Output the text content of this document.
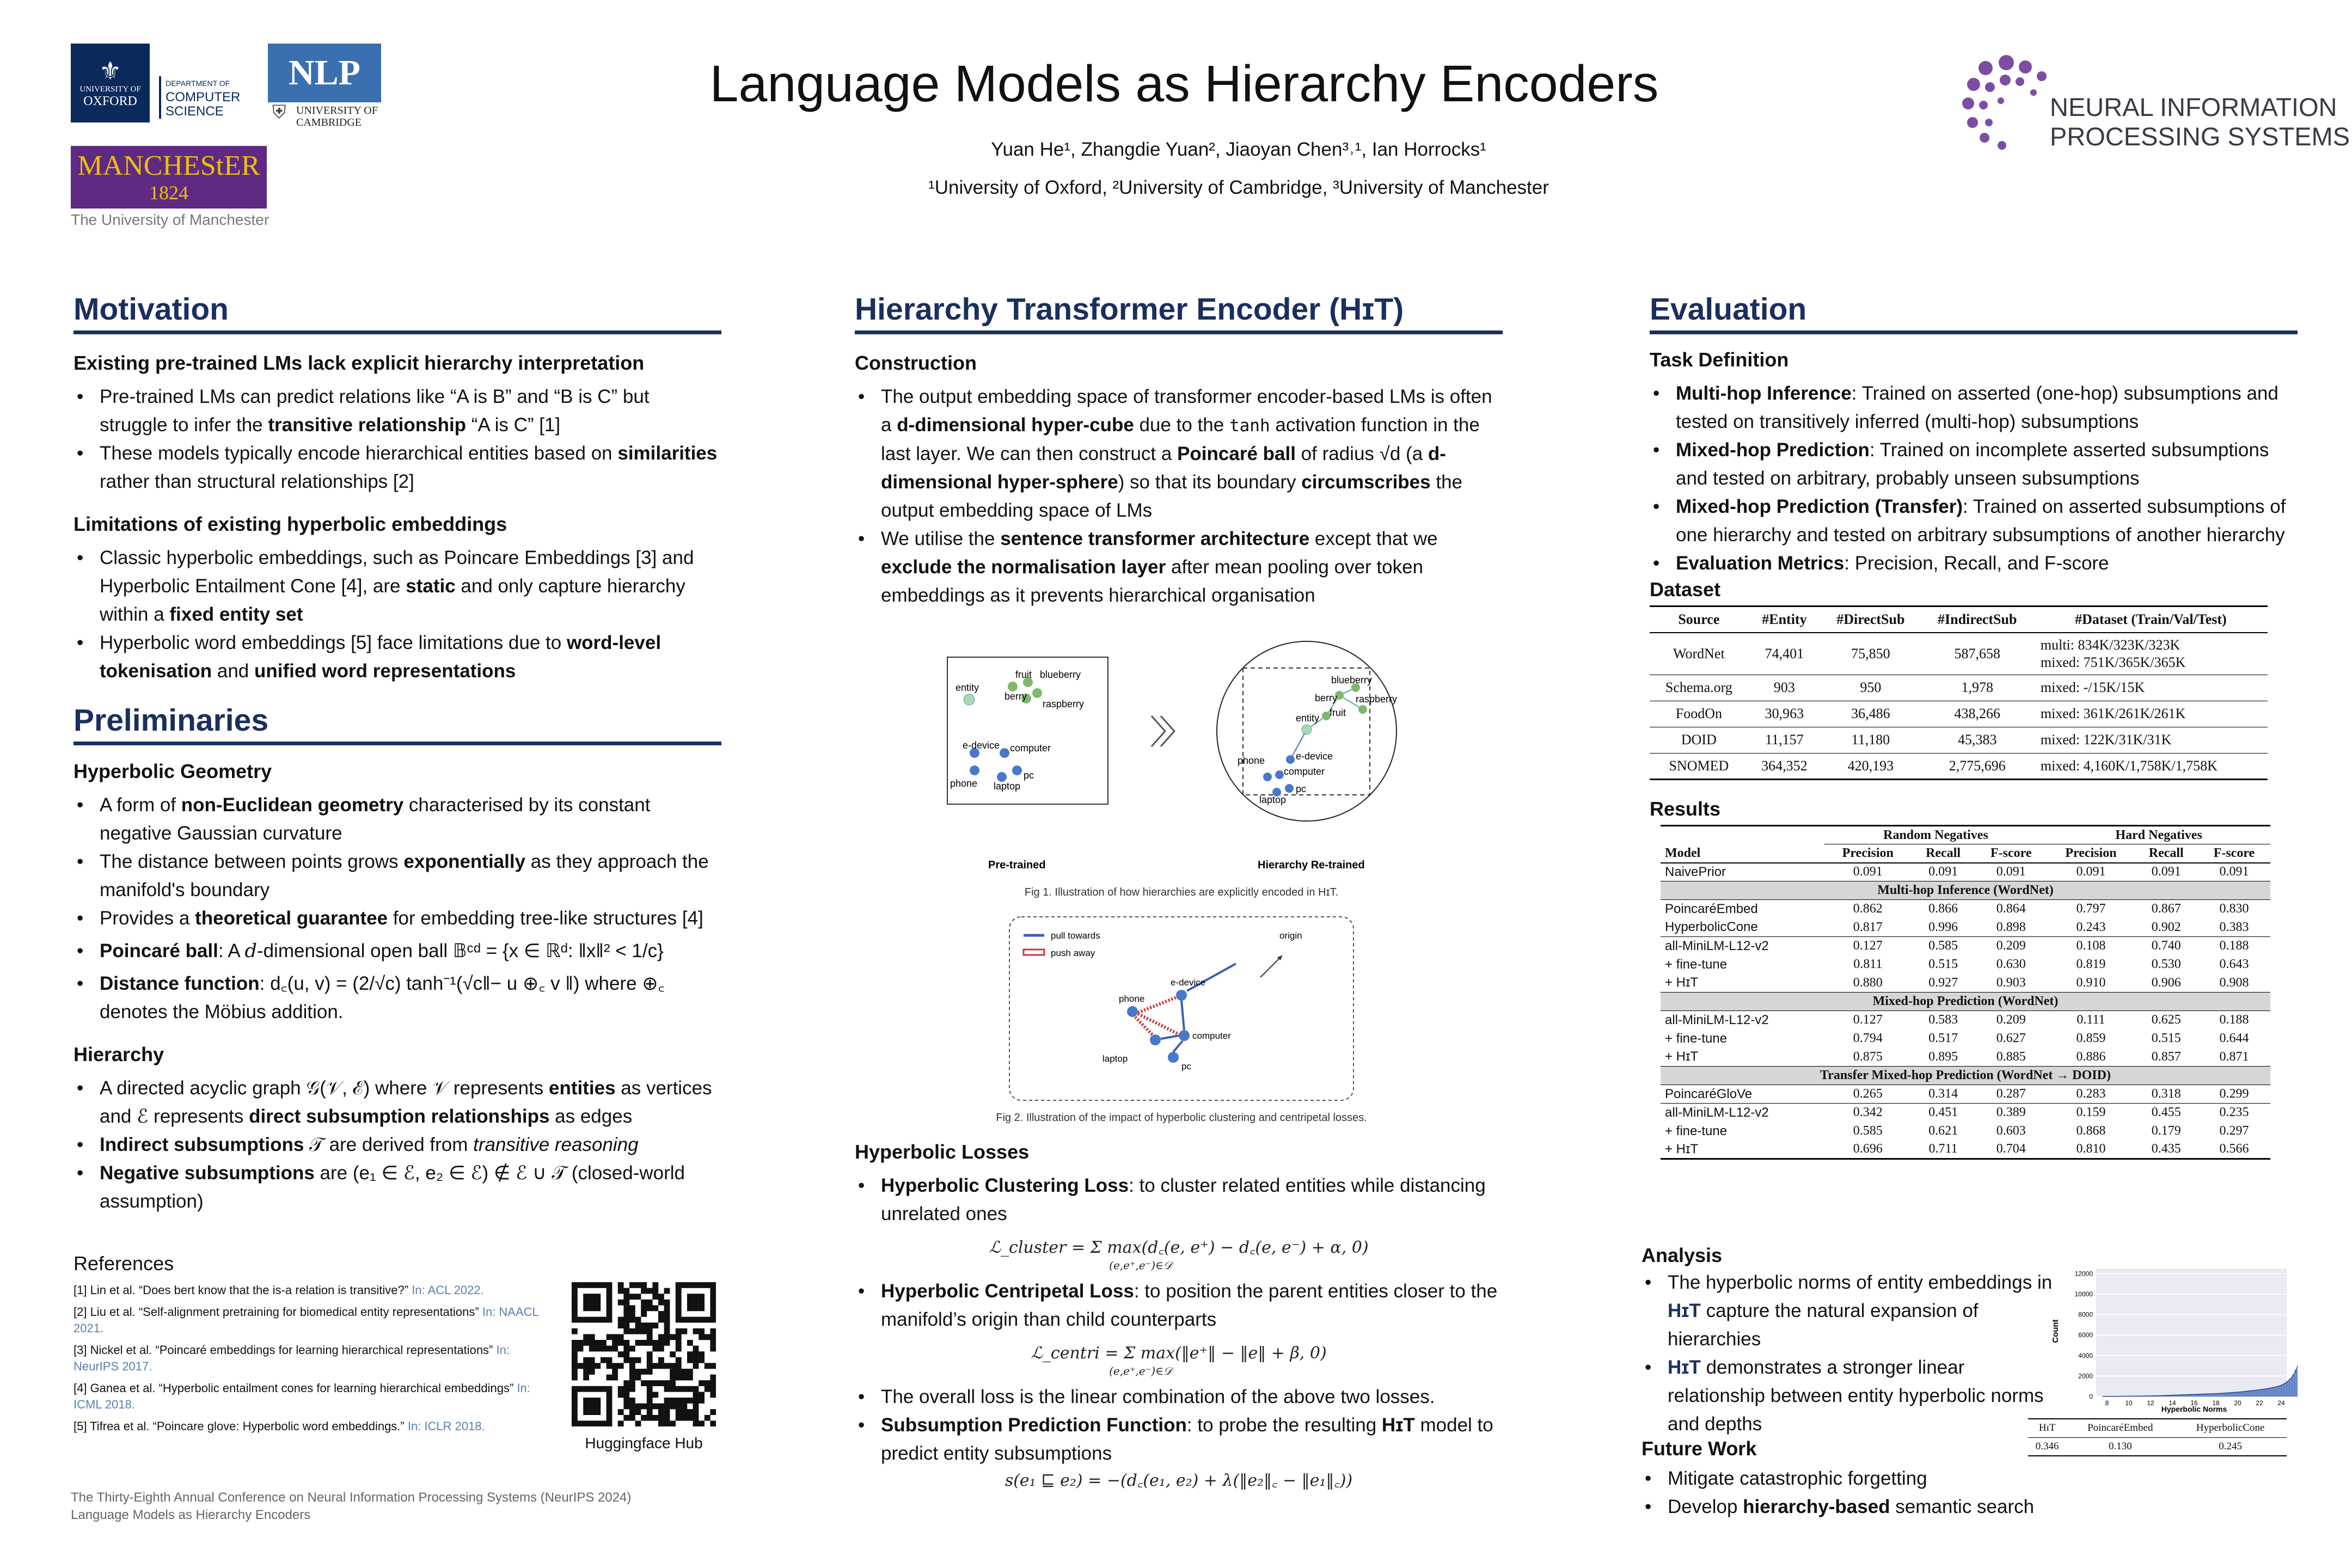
⚜
UNIVERSITY OF
OXFORD
DEPARTMENT OF
COMPUTER
SCIENCE
NLP
⛨ UNIVERSITY OF
CAMBRIDGE
MANCHEStER
1824
The University of Manchester
NEURAL INFORMATION
PROCESSING SYSTEMS
Language Models as Hierarchy Encoders
Yuan He¹, Zhangdie Yuan², Jiaoyan Chen³˒¹, Ian Horrocks¹
¹University of Oxford, ²University of Cambridge, ³University of Manchester
Motivation
Existing pre-trained LMs lack explicit hierarchy interpretation
• Pre-trained LMs can predict relations like “A is B” and “B is C” but struggle to infer the transitive relationship “A is C” [1]
• These models typically encode hierarchical entities based on similarities rather than structural relationships [2]
Limitations of existing hyperbolic embeddings
• Classic hyperbolic embeddings, such as Poincare Embeddings [3] and Hyperbolic Entailment Cone [4], are static and only capture hierarchy within a fixed entity set
• Hyperbolic word embeddings [5] face limitations due to word-level tokenisation and unified word representations
Preliminaries
Hyperbolic Geometry
• A form of non-Euclidean geometry characterised by its constant negative Gaussian curvature
• The distance between points grows exponentially as they approach the manifold's boundary
• Provides a theoretical guarantee for embedding tree-like structures [4]
• Poincaré ball: A d-dimensional open ball 𝔹ᶜᵈ = {x ∈ ℝᵈ: ‖x‖² < 1/c}
• Distance function: d꜀(u, v) = (2/√c) tanh⁻¹(√c‖− u ⊕꜀ v ‖) where ⊕꜀ denotes the Möbius addition.
Hierarchy
• A directed acyclic graph 𝒢(𝒱, ℰ) where 𝒱 represents entities as vertices and ℰ represents direct subsumption relationships as edges
• Indirect subsumptions 𝒯 are derived from transitive reasoning
• Negative subsumptions are (e₁ ∈ ℰ, e₂ ∈ ℰ) ∉ ℰ ∪ 𝒯 (closed-world assumption)
References
[1] Lin et al. “Does bert know that the is-a relation is transitive?” In: ACL 2022.
[2] Liu et al. “Self-alignment pretraining for biomedical entity representations” In: NAACL 2021.
[3] Nickel et al. “Poincaré embeddings for learning hierarchical representations” In: NeurIPS 2017.
[4] Ganea et al. “Hyperbolic entailment cones for learning hierarchical embeddings” In: ICML 2018.
[5] Tifrea et al. “Poincare glove: Hyperbolic word embeddings.” In: ICLR 2018.
Huggingface Hub
The Thirty-Eighth Annual Conference on Neural Information Processing Systems (NeurIPS 2024)
Language Models as Hierarchy Encoders
Hierarchy Transformer Encoder (HɪT)
Construction
• The output embedding space of transformer encoder-based LMs is often a d-dimensional hyper-cube due to the tanh activation function in the last layer. We can then construct a Poincaré ball of radius √d (a d-dimensional hyper-sphere) so that its boundary circumscribes the output embedding space of LMs
• We utilise the sentence transformer architecture except that we exclude the normalisation layer after mean pooling over token embeddings as it prevents hierarchical organisation
entity
fruit blueberry
berry
raspberry
e-device computer
phone laptop
pc
entity fruit
berry
blueberry
raspberry
e-device
computer
phone
pc
laptop
Pre-trained	Hierarchy Re-trained
Fig 1. Illustration of how hierarchies are explicitly encoded in HɪT.
pull towards
push away
origin
phone
e-device
computer
laptop
pc
Fig 2. Illustration of the impact of hyperbolic clustering and centripetal losses.
Hyperbolic Losses
• Hyperbolic Clustering Loss: to cluster related entities while distancing unrelated ones
ℒ_cluster = Σ max(d꜀(e, e⁺) − d꜀(e, e⁻) + α, 0)
(e,e⁺,e⁻)∈𝒟
• Hyperbolic Centripetal Loss: to position the parent entities closer to the manifold’s origin than child counterparts
ℒ_centri = Σ max(‖e⁺‖ − ‖e‖ + β, 0)
(e,e⁺,e⁻)∈𝒟
• The overall loss is the linear combination of the above two losses.
• Subsumption Prediction Function: to probe the resulting HɪT model to predict entity subsumptions
s(e₁ ⊑ e₂) = −(d꜀(e₁, e₂) + λ(‖e₂‖꜀ − ‖e₁‖꜀))
Evaluation
Task Definition
• Multi-hop Inference: Trained on asserted (one-hop) subsumptions and tested on transitively inferred (multi-hop) subsumptions
• Mixed-hop Prediction: Trained on incomplete asserted subsumptions and tested on arbitrary, probably unseen subsumptions
• Mixed-hop Prediction (Transfer): Trained on asserted subsumptions of one hierarchy and tested on arbitrary subsumptions of another hierarchy
• Evaluation Metrics: Precision, Recall, and F-score
Dataset
Source	#Entity	#DirectSub	#IndirectSub	#Dataset (Train/Val/Test)
WordNet	74,401	75,850	587,658	multi: 834K/323K/323K
mixed: 751K/365K/365K

Schema.org	903	950	1,978	mixed: -/15K/15K
FoodOn	30,963	36,486	438,266	mixed: 361K/261K/261K
DOID	11,157	11,180	45,383	mixed: 122K/31K/31K
SNOMED	364,352	420,193	2,775,696	mixed: 4,160K/1,758K/1,758K
Results
	Random Negatives			Hard Negatives		
Model	Precision	Recall	F-score	Precision	Recall	F-score
NaivePrior	0.091	0.091	0.091	0.091	0.091	0.091
Multi-hop Inference (WordNet)						
PoincaréEmbed	0.862	0.866	0.864	0.797	0.867	0.830
HyperbolicCone	0.817	0.996	0.898	0.243	0.902	0.383
all-MiniLM-L12-v2	0.127	0.585	0.209	0.108	0.740	0.188
+ fine-tune	0.811	0.515	0.630	0.819	0.530	0.643
+ HɪT	0.880	0.927	0.903	0.910	0.906	0.908
Mixed-hop Prediction (WordNet)						
all-MiniLM-L12-v2	0.127	0.583	0.209	0.111	0.625	0.188
+ fine-tune	0.794	0.517	0.627	0.859	0.515	0.644
+ HɪT	0.875	0.895	0.885	0.886	0.857	0.871
Transfer Mixed-hop Prediction (WordNet → DOID)						
PoincaréGloVe	0.265	0.314	0.287	0.283	0.318	0.299
all-MiniLM-L12-v2	0.342	0.451	0.389	0.159	0.455	0.235
+ fine-tune	0.585	0.621	0.603	0.868	0.179	0.297
+ HɪT	0.696	0.711	0.704	0.810	0.435	0.566
Analysis
• The hyperbolic norms of entity embeddings in HɪT capture the natural expansion of hierarchies
• HɪT demonstrates a stronger linear relationship between entity hyperbolic norms and depths
Future Work
• Mitigate catastrophic forgetting
• Develop hierarchy-based semantic search
Hyperbolic Norms
0
2000
4000
6000
8000
10000
12000
8 10 12 14 16 18 20 22 24
Count
HɪT	PoincaréEmbed	HyperbolicCone
0.346	0.130	0.245
